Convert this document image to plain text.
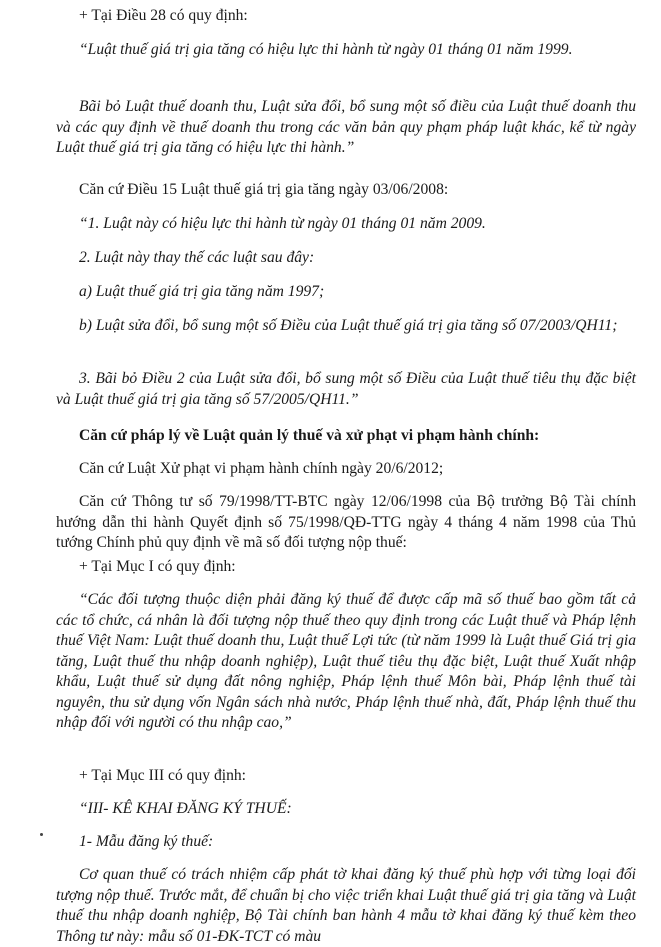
+ Tại Điều 28 có quy định:

“Luật thuế giá trị gia tăng có hiệu lực thi hành từ ngày 01 tháng 01 năm 1999.

Bãi bỏ Luật thuế doanh thu, Luật sửa đổi, bổ sung một số điều của Luật thuế doanh thu và các quy định về thuế doanh thu trong các văn bản quy phạm pháp luật khác, kể từ ngày Luật thuế giá trị gia tăng có hiệu lực thi hành.”

Căn cứ Điều 15 Luật thuế giá trị gia tăng ngày 03/06/2008:

“1. Luật này có hiệu lực thi hành từ ngày 01 tháng 01 năm 2009.

2. Luật này thay thế các luật sau đây:

a) Luật thuế giá trị gia tăng năm 1997;

b) Luật sửa đổi, bổ sung một số Điều của Luật thuế giá trị gia tăng số 07/2003/QH11;

3. Bãi bỏ Điều 2 của Luật sửa đổi, bổ sung một số Điều của Luật thuế tiêu thụ đặc biệt và Luật thuế giá trị gia tăng số 57/2005/QH11.”

Căn cứ pháp lý về Luật quản lý thuế và xử phạt vi phạm hành chính:

Căn cứ Luật Xử phạt vi phạm hành chính ngày 20/6/2012;

Căn cứ Thông tư số 79/1998/TT-BTC ngày 12/06/1998 của Bộ trưởng Bộ Tài chính hướng dẫn thi hành Quyết định số 75/1998/QĐ-TTG ngày 4 tháng 4 năm 1998 của Thủ tướng Chính phủ quy định về mã số đối tượng nộp thuế:

+ Tại Mục I có quy định:

“Các đối tượng thuộc diện phải đăng ký thuế để được cấp mã số thuế bao gồm tất cả các tổ chức, cá nhân là đối tượng nộp thuế theo quy định trong các Luật thuế và Pháp lệnh thuế Việt Nam: Luật thuế doanh thu, Luật thuế Lợi tức (từ năm 1999 là Luật thuế Giá trị gia tăng, Luật thuế thu nhập doanh nghiệp), Luật thuế tiêu thụ đặc biệt, Luật thuế Xuất nhập khẩu, Luật thuế sử dụng đất nông nghiệp, Pháp lệnh thuế Môn bài, Pháp lệnh thuế tài nguyên, thu sử dụng vốn Ngân sách nhà nước, Pháp lệnh thuế nhà, đất, Pháp lệnh thuế thu nhập đối với người có thu nhập cao,”

+ Tại Mục III có quy định:

“III- KÊ KHAI ĐĂNG KÝ THUẾ:

1- Mẫu đăng ký thuế:

Cơ quan thuế có trách nhiệm cấp phát tờ khai đăng ký thuế phù hợp với từng loại đối tượng nộp thuế. Trước mắt, để chuẩn bị cho việc triển khai Luật thuế giá trị gia tăng và Luật thuế thu nhập doanh nghiệp, Bộ Tài chính ban hành 4 mẫu tờ khai đăng ký thuế kèm theo Thông tư này: mẫu số 01-ĐK-TCT có màu
